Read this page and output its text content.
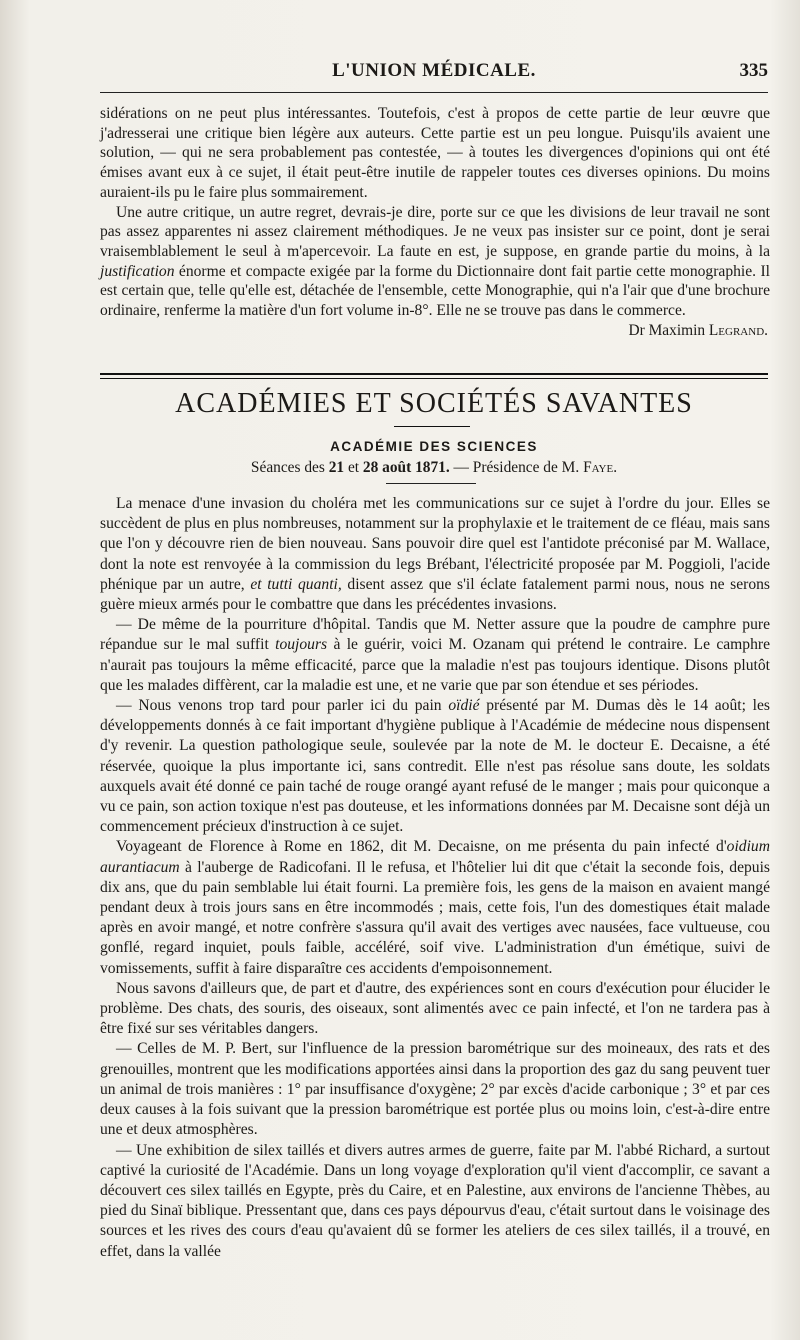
L'UNION MÉDICALE.	335

sidérations on ne peut plus intéressantes. Toutefois, c'est à propos de cette partie de leur œuvre que j'adresserai une critique bien légère aux auteurs. Cette partie est un peu longue. Puisqu'ils avaient une solution, — qui ne sera probablement pas contestée, — à toutes les divergences d'opinions qui ont été émises avant eux à ce sujet, il était peut-être inutile de rappeler toutes ces diverses opinions. Du moins auraient-ils pu le faire plus sommairement.

Une autre critique, un autre regret, devrais-je dire, porte sur ce que les divisions de leur travail ne sont pas assez apparentes ni assez clairement méthodiques. Je ne veux pas insister sur ce point, dont je serai vraisemblablement le seul à m'apercevoir. La faute en est, je suppose, en grande partie du moins, à la justification énorme et compacte exigée par la forme du Dictionnaire dont fait partie cette monographie. Il est certain que, telle qu'elle est, détachée de l'ensemble, cette Monographie, qui n'a l'air que d'une brochure ordinaire, renferme la matière d'un fort volume in-8°. Elle ne se trouve pas dans le commerce.

Dr Maximin Legrand.

ACADÉMIES ET SOCIÉTÉS SAVANTES
ACADÉMIE DES SCIENCES
Séances des 21 et 28 août 1871. — Présidence de M. Faye.

La menace d'une invasion du choléra met les communications sur ce sujet à l'ordre du jour. Elles se succèdent de plus en plus nombreuses, notamment sur la prophylaxie et le traitement de ce fléau, mais sans que l'on y découvre rien de bien nouveau. Sans pouvoir dire quel est l'antidote préconisé par M. Wallace, dont la note est renvoyée à la commission du legs Brébant, l'électricité proposée par M. Poggioli, l'acide phénique par un autre, et tutti quanti, disent assez que s'il éclate fatalement parmi nous, nous ne serons guère mieux armés pour le combattre que dans les précédentes invasions.

— De même de la pourriture d'hôpital. Tandis que M. Netter assure que la poudre de camphre pure répandue sur le mal suffit toujours à le guérir, voici M. Ozanam qui prétend le contraire. Le camphre n'aurait pas toujours la même efficacité, parce que la maladie n'est pas toujours identique. Disons plutôt que les malades diffèrent, car la maladie est une, et ne varie que par son étendue et ses périodes.

— Nous venons trop tard pour parler ici du pain oïdié présenté par M. Dumas dès le 14 août; les développements donnés à ce fait important d'hygiène publique à l'Académie de médecine nous dispensent d'y revenir. La question pathologique seule, soulevée par la note de M. le docteur E. Decaisne, a été réservée, quoique la plus importante ici, sans contredit. Elle n'est pas résolue sans doute, les soldats auxquels avait été donné ce pain taché de rouge orangé ayant refusé de le manger ; mais pour quiconque a vu ce pain, son action toxique n'est pas douteuse, et les informations données par M. Decaisne sont déjà un commencement précieux d'instruction à ce sujet.

Voyageant de Florence à Rome en 1862, dit M. Decaisne, on me présenta du pain infecté d'oidium aurantiacum à l'auberge de Radicofani. Il le refusa, et l'hôtelier lui dit que c'était la seconde fois, depuis dix ans, que du pain semblable lui était fourni. La première fois, les gens de la maison en avaient mangé pendant deux à trois jours sans en être incommodés ; mais, cette fois, l'un des domestiques était malade après en avoir mangé, et notre confrère s'assura qu'il avait des vertiges avec nausées, face vultueuse, cou gonflé, regard inquiet, pouls faible, accéléré, soif vive. L'administration d'un émétique, suivi de vomissements, suffit à faire disparaître ces accidents d'empoisonnement.

Nous savons d'ailleurs que, de part et d'autre, des expériences sont en cours d'exécution pour élucider le problème. Des chats, des souris, des oiseaux, sont alimentés avec ce pain infecté, et l'on ne tardera pas à être fixé sur ses véritables dangers.

— Celles de M. P. Bert, sur l'influence de la pression barométrique sur des moineaux, des rats et des grenouilles, montrent que les modifications apportées ainsi dans la proportion des gaz du sang peuvent tuer un animal de trois manières : 1° par insuffisance d'oxygène; 2° par excès d'acide carbonique ; 3° et par ces deux causes à la fois suivant que la pression barométrique est portée plus ou moins loin, c'est-à-dire entre une et deux atmosphères.

— Une exhibition de silex taillés et divers autres armes de guerre, faite par M. l'abbé Richard, a surtout captivé la curiosité de l'Académie. Dans un long voyage d'exploration qu'il vient d'accomplir, ce savant a découvert ces silex taillés en Egypte, près du Caire, et en Palestine, aux environs de l'ancienne Thèbes, au pied du Sinaï biblique. Pressentant que, dans ces pays dépourvus d'eau, c'était surtout dans le voisinage des sources et les rives des cours d'eau qu'avaient dû se former les ateliers de ces silex taillés, il a trouvé, en effet, dans la vallée
